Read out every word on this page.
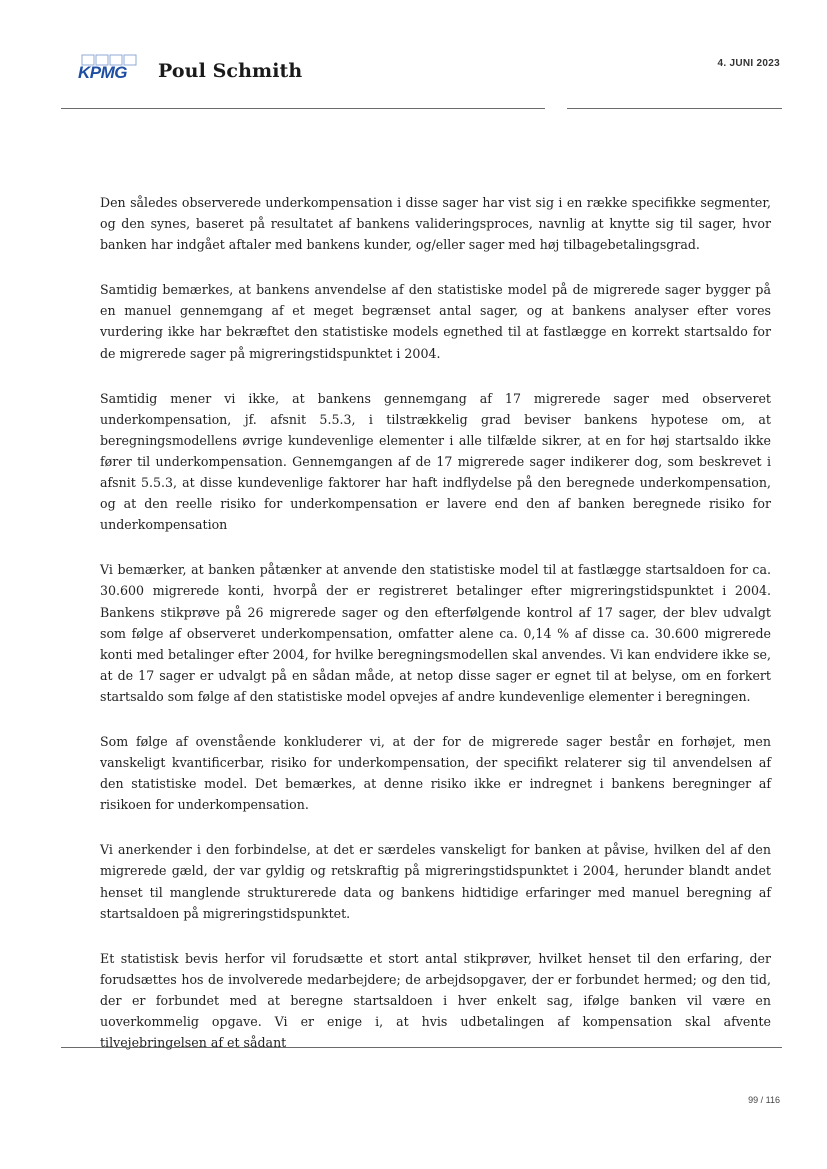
KPMG	Poul Schmith	4. JUNI 2023

Den således observerede underkompensation i disse sager har vist sig i en række specifikke segmenter, og den synes, baseret på resultatet af bankens valideringsproces, navnlig at knytte sig til sager, hvor banken har indgået aftaler med bankens kunder, og/eller sager med høj tilbagebetalingsgrad.

Samtidig bemærkes, at bankens anvendelse af den statistiske model på de migrerede sager bygger på en manuel gennemgang af et meget begrænset antal sager, og at bankens analyser efter vores vurdering ikke har bekræftet den statistiske models egnethed til at fastlægge en korrekt startsaldo for de migrerede sager på migreringstidspunktet i 2004.

Samtidig mener vi ikke, at bankens gennemgang af 17 migrerede sager med observeret underkompensation, jf. afsnit 5.5.3, i tilstrækkelig grad beviser bankens hypotese om, at beregningsmodellens øvrige kundevenlige elementer i alle tilfælde sikrer, at en for høj startsaldo ikke fører til underkompensation. Gennemgangen af de 17 migrerede sager indikerer dog, som beskrevet i afsnit 5.5.3, at disse kundevenlige faktorer har haft indflydelse på den beregnede underkompensation, og at den reelle risiko for underkompensation er lavere end den af banken beregnede risiko for underkompensation

Vi bemærker, at banken påtænker at anvende den statistiske model til at fastlægge startsaldoen for ca. 30.600 migrerede konti, hvorpå der er registreret betalinger efter migreringstidspunktet i 2004. Bankens stikprøve på 26 migrerede sager og den efterfølgende kontrol af 17 sager, der blev udvalgt som følge af observeret underkompensation, omfatter alene ca. 0,14 % af disse ca. 30.600 migrerede konti med betalinger efter 2004, for hvilke beregningsmodellen skal anvendes. Vi kan endvidere ikke se, at de 17 sager er udvalgt på en sådan måde, at netop disse sager er egnet til at belyse, om en forkert startsaldo som følge af den statistiske model opvejes af andre kundevenlige elementer i beregningen.

Som følge af ovenstående konkluderer vi, at der for de migrerede sager består en forhøjet, men vanskeligt kvantificerbar, risiko for underkompensation, der specifikt relaterer sig til anvendelsen af den statistiske model. Det bemærkes, at denne risiko ikke er indregnet i bankens beregninger af risikoen for underkompensation.

Vi anerkender i den forbindelse, at det er særdeles vanskeligt for banken at påvise, hvilken del af den migrerede gæld, der var gyldig og retskraftig på migreringstidspunktet i 2004, herunder blandt andet henset til manglende strukturerede data og bankens hidtidige erfaringer med manuel beregning af startsaldoen på migreringstidspunktet.

Et statistisk bevis herfor vil forudsætte et stort antal stikprøver, hvilket henset til den erfaring, der forudsættes hos de involverede medarbejdere; de arbejdsopgaver, der er forbundet hermed; og den tid, der er forbundet med at beregne startsaldoen i hver enkelt sag, ifølge banken vil være en uoverkommelig opgave. Vi er enige i, at hvis udbetalingen af kompensation skal afvente tilvejebringelsen af et sådant

99 / 116
